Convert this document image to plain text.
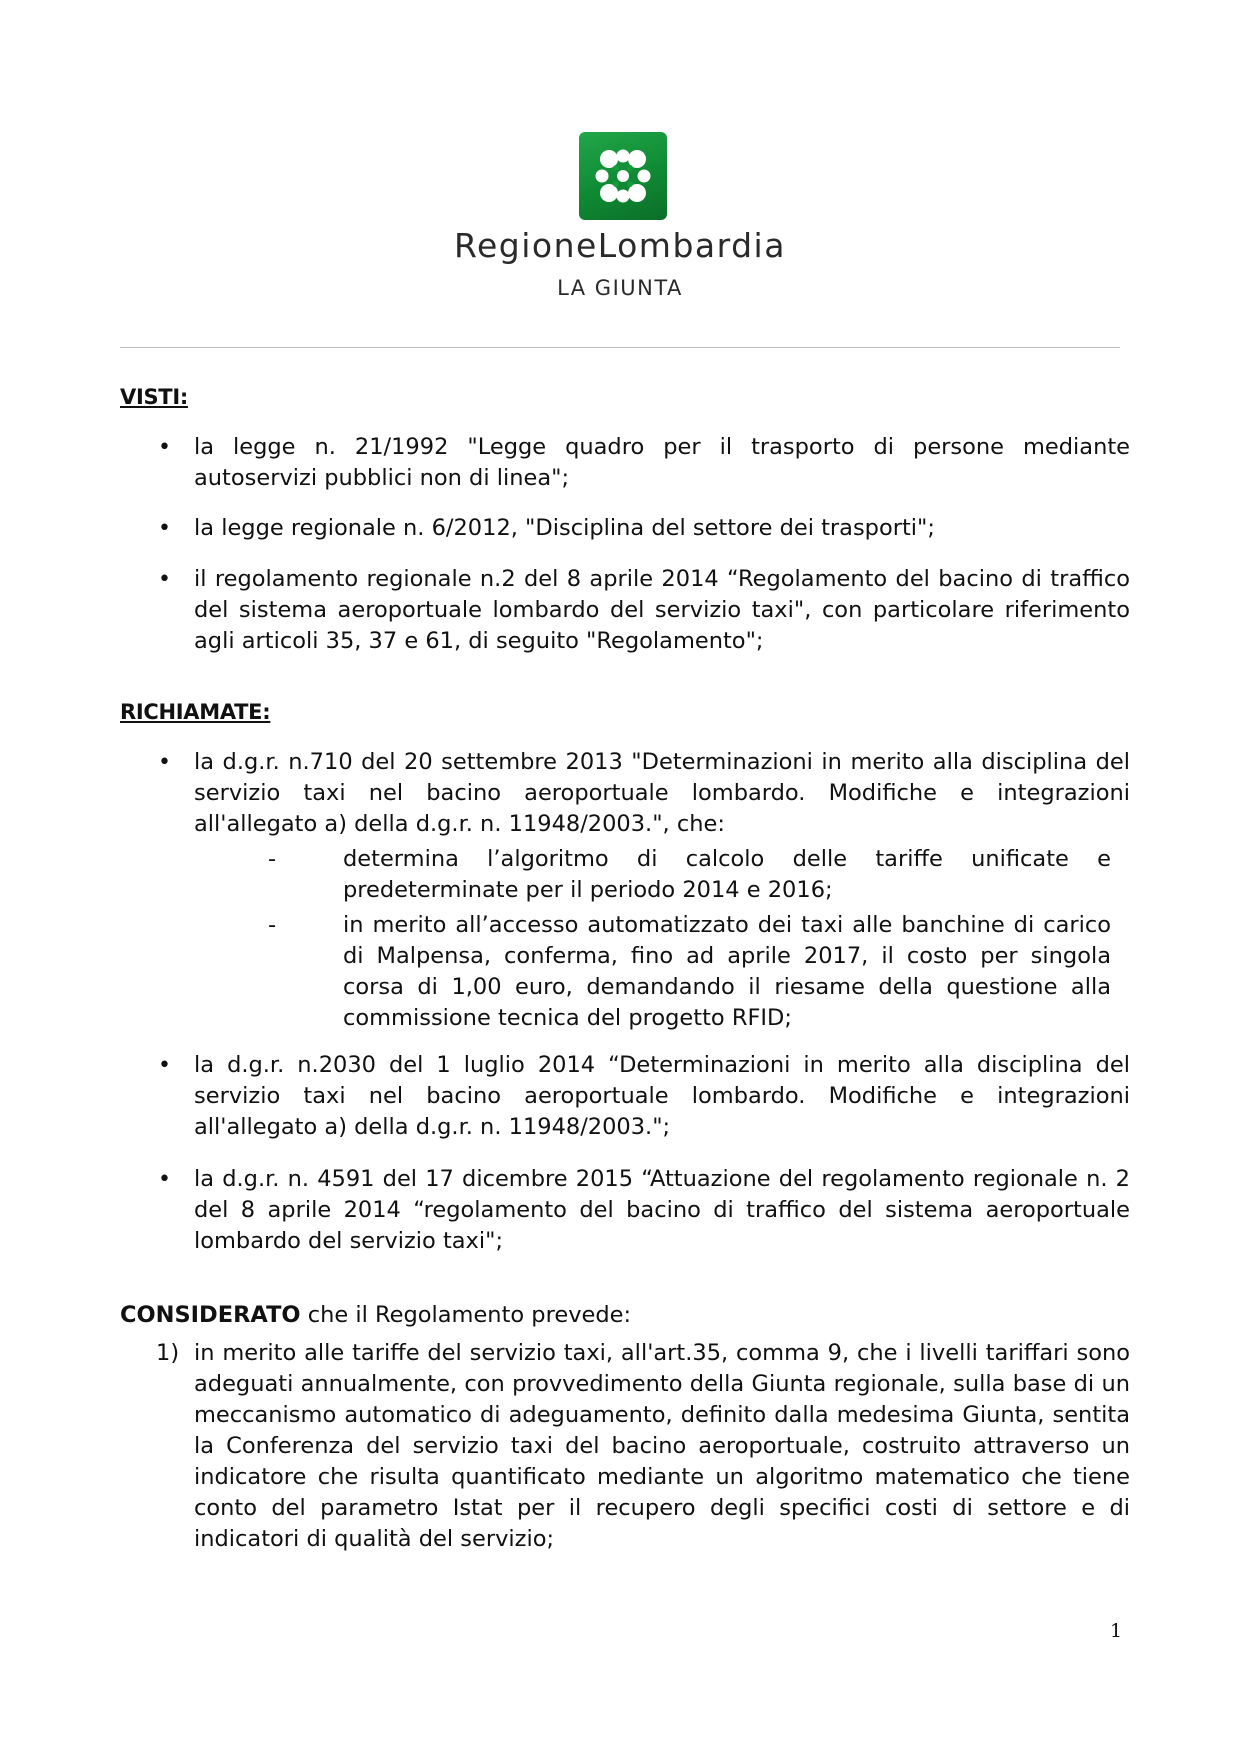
RegioneLombardia
LA GIUNTA
VISTI:
• la legge n. 21/1992 "Legge quadro per il trasporto di persone mediante autoservizi pubblici non di linea";
• la legge regionale n. 6/2012, "Disciplina del settore dei trasporti";
• il regolamento regionale n.2 del 8 aprile 2014 “Regolamento del bacino di traffico del sistema aeroportuale lombardo del servizio taxi", con particolare riferimento agli articoli 35, 37 e 61, di seguito "Regolamento";
RICHIAMATE:
• la d.g.r. n.710 del 20 settembre 2013 "Determinazioni in merito alla disciplina del servizio taxi nel bacino aeroportuale lombardo. Modifiche e integrazioni all'allegato a) della d.g.r. n. 11948/2003.", che:
-	determina l’algoritmo di calcolo delle tariffe unificate e predeterminate per il periodo 2014 e 2016;
-	in merito all’accesso automatizzato dei taxi alle banchine di carico di Malpensa, conferma, fino ad aprile 2017, il costo per singola corsa di 1,00 euro, demandando il riesame della questione alla commissione tecnica del progetto RFID;
• la d.g.r. n.2030 del 1 luglio 2014 “Determinazioni in merito alla disciplina del servizio taxi nel bacino aeroportuale lombardo. Modifiche e integrazioni all'allegato a) della d.g.r. n. 11948/2003.";
• la d.g.r. n. 4591 del 17 dicembre 2015 “Attuazione del regolamento regionale n. 2 del 8 aprile 2014 “regolamento del bacino di traffico del sistema aeroportuale lombardo del servizio taxi";
CONSIDERATO che il Regolamento prevede:
1) in merito alle tariffe del servizio taxi, all'art.35, comma 9, che i livelli tariffari sono adeguati annualmente, con provvedimento della Giunta regionale, sulla base di un meccanismo automatico di adeguamento, definito dalla medesima Giunta, sentita la Conferenza del servizio taxi del bacino aeroportuale, costruito attraverso un indicatore che risulta quantificato mediante un algoritmo matematico che tiene conto del parametro Istat per il recupero degli specifici costi di settore e di indicatori di qualità del servizio;
1
